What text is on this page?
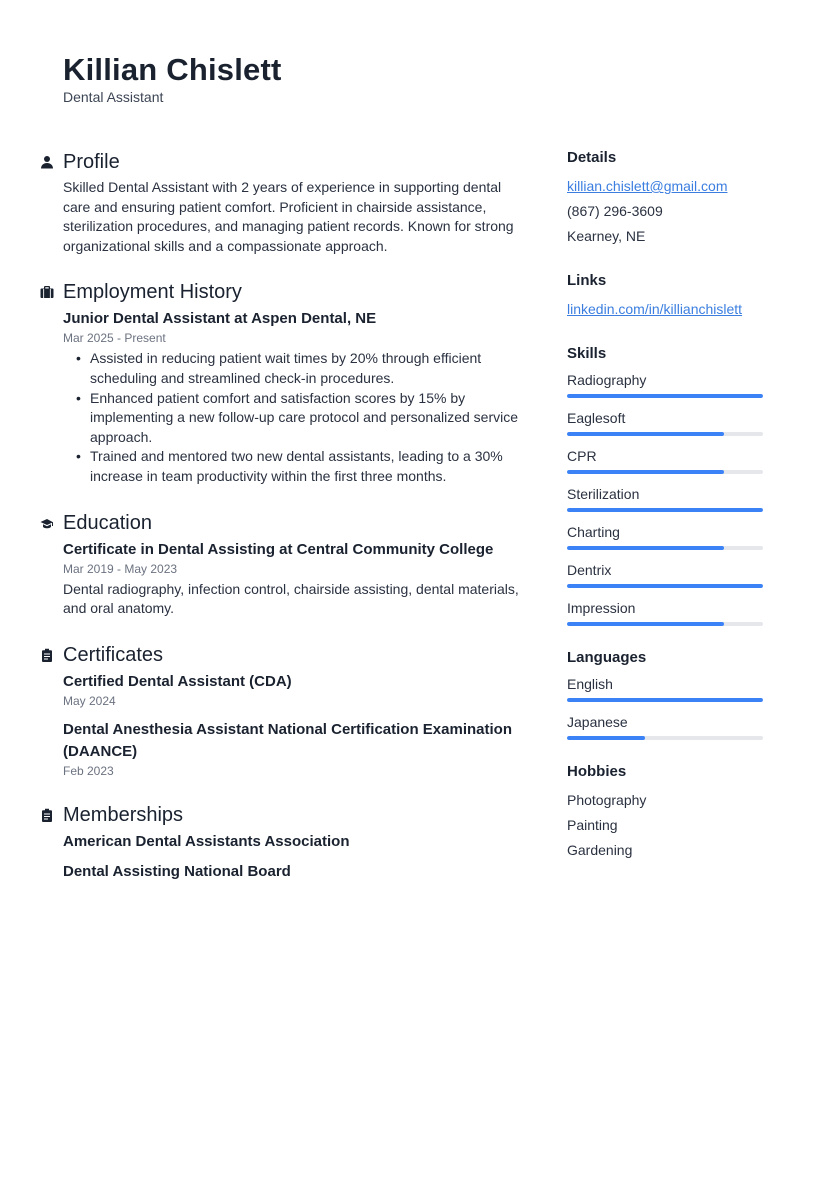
Killian Chislett
Dental Assistant
Profile

Skilled Dental Assistant with 2 years of experience in supporting dental care and ensuring patient comfort. Proficient in chairside assistance, sterilization procedures, and managing patient records. Known for strong organizational skills and a compassionate approach.

Employment History
Junior Dental Assistant at Aspen Dental, NE
Mar 2025 - Present
• Assisted in reducing patient wait times by 20% through efficient scheduling and streamlined check-in procedures.
• Enhanced patient comfort and satisfaction scores by 15% by implementing a new follow-up care protocol and personalized service approach.
• Trained and mentored two new dental assistants, leading to a 30% increase in team productivity within the first three months.
Education
Certificate in Dental Assisting at Central Community College
Mar 2019 - May 2023

Dental radiography, infection control, chairside assisting, dental materials, and oral anatomy.

Certificates
Certified Dental Assistant (CDA)
May 2024
Dental Anesthesia Assistant National Certification Examination (DAANCE)
Feb 2023
Memberships
American Dental Assistants Association
Dental Assisting National Board
Details
killian.chislett@gmail.com
(867) 296-3609
Kearney, NE
Links
linkedin.com/in/killianchislett
Skills
Radiography
Eaglesoft
CPR
Sterilization
Charting
Dentrix
Impression
Languages
English
Japanese
Hobbies
Photography
Painting
Gardening
